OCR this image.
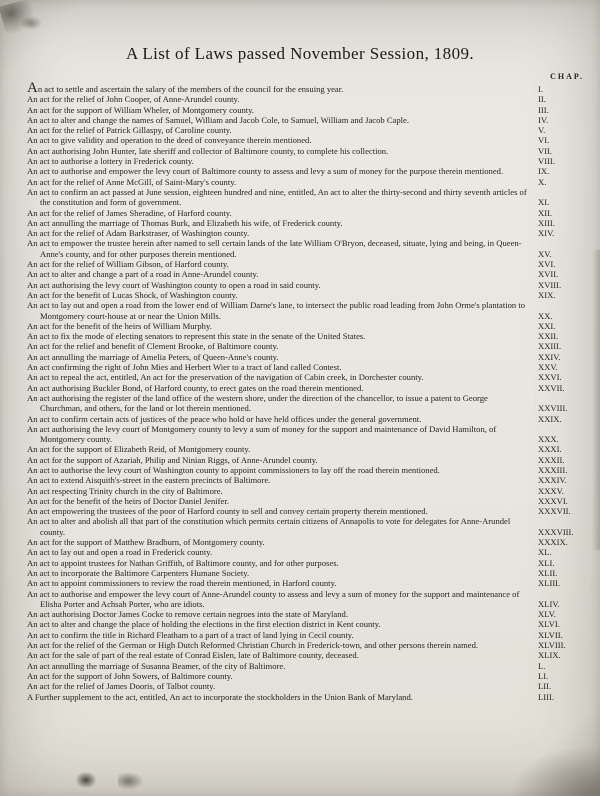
A List of Laws passed November Session, 1809.
CHAP.
An act to settle and ascertain the salary of the members of the council for the ensuing year.	I.
An act for the relief of John Cooper, of Anne-Arundel county.	II.
An act for the support of William Wheler, of Montgomery county.	III.
An act to alter and change the names of Samuel, William and Jacob Cole, to Samuel, William and Jacob Caple.	IV.
An act for the relief of Patrick Gillaspy, of Caroline county.	V.
An act to give validity and operation to the deed of conveyance therein mentioned.	VI.
An act authorising John Hunter, late sheriff and collector of Baltimore county, to complete his collection.	VII.
An act to authorise a lottery in Frederick county.	VIII.
An act to authorise and empower the levy court of Baltimore county to assess and levy a sum of money for the purpose therein mentioned.	IX.
An act for the relief of Anne McGill, of Saint-Mary's county.	X.
An act to confirm an act passed at June session, eighteen hundred and nine, entitled, An act to alter the thirty-second and thirty seventh articles of the constitution and form of government.	XI.
An act for the relief of James Sheradine, of Harford county.	XII.
An act annulling the marriage of Thomas Burk, and Elizabeth his wife, of Frederick county.	XIII.
An act for the relief of Adam Barkstraser, of Washington county.	XIV.
An act to empower the trustee herein after named to sell certain lands of the late William O'Bryon, deceased, situate, lying and being, in Queen-Anne's county, and for other purposes therein mentioned.	XV.
An act for the relief of William Gibson, of Harford county.	XVI.
An act to alter and change a part of a road in Anne-Arundel county.	XVII.
An act authorising the levy court of Washington county to open a road in said county.	XVIII.
An act for the benefit of Lucas Shock, of Washington county.	XIX.
An act to lay out and open a road from the lower end of William Darne's lane, to intersect the public road leading from John Orme's plantation to Montgomery court-house at or near the Union Mills.	XX.
An act for the benefit of the heirs of William Murphy.	XXI.
An act to fix the mode of electing senators to represent this state in the senate of the United States.	XXII.
An act for the relief and benefit of Clement Brooke, of Baltimore county.	XXIII.
An act annulling the marriage of Amelia Peters, of Queen-Anne's county.	XXIV.
An act confirming the right of John Mies and Herbert Wier to a tract of land called Contest.	XXV.
An act to repeal the act, entitled, An act for the preservation of the navigation of Cabin creek, in Dorchester county.	XXVI.
An act authorising Buckler Bond, of Harford county, to erect gates on the road therein mentioned.	XXVII.
An act authorising the register of the land office of the western shore, under the direction of the chancellor, to issue a patent to George Churchman, and others, for the land or lot therein mentioned.	XXVIII.
An act to confirm certain acts of justices of the peace who hold or have held offices under the general government.	XXIX.
An act authorising the levy court of Montgomery county to levy a sum of money for the support and maintenance of David Hamilton, of Montgomery county.	XXX.
An act for the support of Elizabeth Reid, of Montgomery county.	XXXI.
An act for the support of Azariah, Philip and Ninian Riggs, of Anne-Arundel county.	XXXII.
An act to authorise the levy court of Washington county to appoint commissioners to lay off the road therein mentioned.	XXXIII.
An act to extend Aisquith's-street in the eastern precincts of Baltimore.	XXXIV.
An act respecting Trinity church in the city of Baltimore.	XXXV.
An act for the benefit of the heirs of Doctor Daniel Jenifer.	XXXVI.
An act empowering the trustees of the poor of Harford county to sell and convey certain property therein mentioned.	XXXVII.
An act to alter and abolish all that part of the constitution which permits certain citizens of Annapolis to vote for delegates for Anne-Arundel county.	XXXVIII.
An act for the support of Matthew Bradburn, of Montgomery county.	XXXIX.
An act to lay out and open a road in Frederick county.	XL.
An act to appoint trustees for Nathan Griffith, of Baltimore county, and for other purposes.	XLI.
An act to incorporate the Baltimore Carpenters Humane Society.	XLII.
An act to appoint commissioners to review the road therein mentioned, in Harford county.	XLIII.
An act to authorise and empower the levy court of Anne-Arundel county to assess and levy a sum of money for the support and maintenance of Elisha Porter and Achsah Porter, who are idiots.	XLIV.
An act authorising Doctor James Cocke to remove certain negroes into the state of Maryland.	XLV.
An act to alter and change the place of holding the elections in the first election district in Kent county.	XLVI.
An act to confirm the title in Richard Fleatham to a part of a tract of land lying in Cecil county.	XLVII.
An act for the relief of the German or High Dutch Reformed Christian Church in Frederick-town, and other persons therein named.	XLVIII.
An act for the sale of part of the real estate of Conrad Eislen, late of Baltimore county, deceased.	XLIX.
An act annulling the marriage of Susanna Beamer, of the city of Baltimore.	L.
An act for the support of John Sowers, of Baltimore county.	LI.
An act for the relief of James Dooris, of Talbot county.	LII.
A Further supplement to the act, entitled, An act to incorporate the stockholders in the Union Bank of Maryland.	LIII.
